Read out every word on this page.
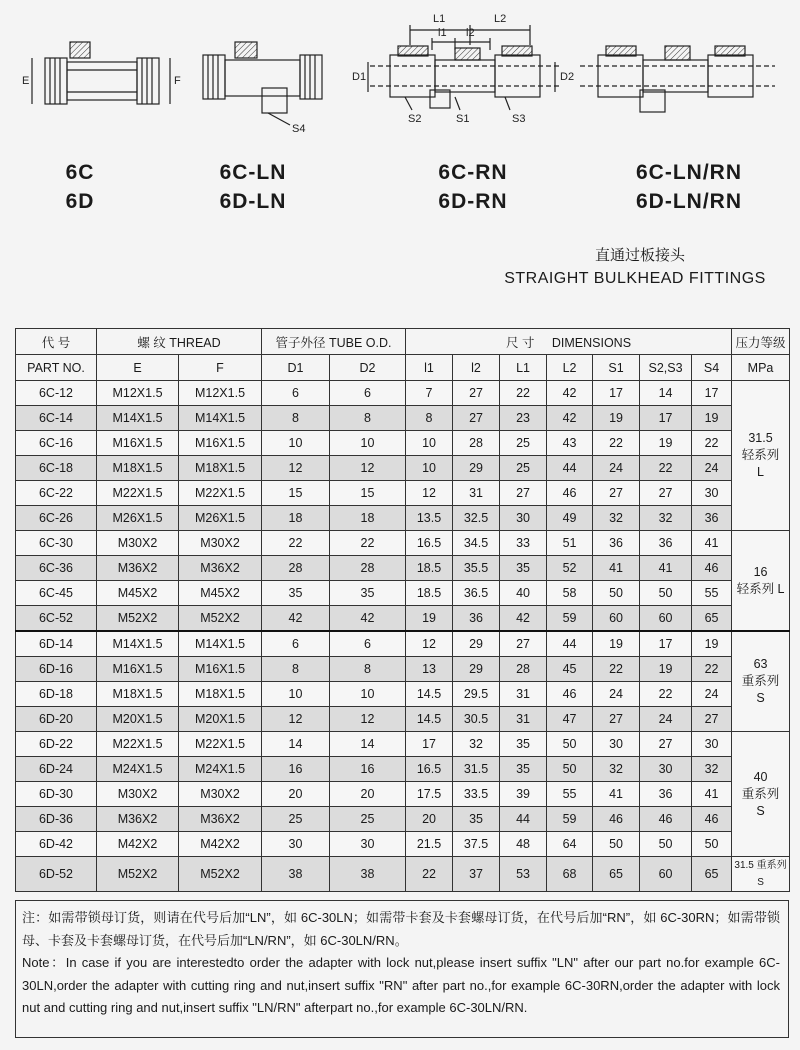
E	F
S4
L1	L2
l1 l2
D1	D2
S2	S1	S3
6C
6D
6C-LN
6D-LN
6C-RN
6D-RN
6C-LN/RN
6D-LN/RN
直通过板接头
STRAIGHT BULKHEAD FITTINGS
代 号	螺 纹 THREAD		管子外径 TUBE O.D.		尺 寸     DIMENSIONS							压力等级
PART NO.	E	F	D1	D2	l1	l2	L1	L2	S1	S2,S3	S4	MPa
6C-12	M12X1.5	M12X1.5	6	6	7	27	22	42	17	14	17	31.5
轻系列
L

6C-14	M14X1.5	M14X1.5	8	8	8	27	23	42	19	17	19	
6C-16	M16X1.5	M16X1.5	10	10	10	28	25	43	22	19	22	
6C-18	M18X1.5	M18X1.5	12	12	10	29	25	44	24	22	24	
6C-22	M22X1.5	M22X1.5	15	15	12	31	27	46	27	27	30	
6C-26	M26X1.5	M26X1.5	18	18	13.5	32.5	30	49	32	32	36	
6C-30	M30X2	M30X2	22	22	16.5	34.5	33	51	36	36	41	16
轻系列 L

6C-36	M36X2	M36X2	28	28	18.5	35.5	35	52	41	41	46	
6C-45	M45X2	M45X2	35	35	18.5	36.5	40	58	50	50	55	
6C-52	M52X2	M52X2	42	42	19	36	42	59	60	60	65	
6D-14	M14X1.5	M14X1.5	6	6	12	29	27	44	19	17	19	63
重系列
S

6D-16	M16X1.5	M16X1.5	8	8	13	29	28	45	22	19	22	
6D-18	M18X1.5	M18X1.5	10	10	14.5	29.5	31	46	24	22	24	
6D-20	M20X1.5	M20X1.5	12	12	14.5	30.5	31	47	27	24	27	
6D-22	M22X1.5	M22X1.5	14	14	17	32	35	50	30	27	30	40
重系列
S

6D-24	M24X1.5	M24X1.5	16	16	16.5	31.5	35	50	32	30	32	
6D-30	M30X2	M30X2	20	20	17.5	33.5	39	55	41	36	41	
6D-36	M36X2	M36X2	25	25	20	35	44	59	46	46	46	
6D-42	M42X2	M42X2	30	30	21.5	37.5	48	64	50	50	50	
6D-52	M52X2	M52X2	38	38	22	37	53	68	65	60	65	31.5 重系列 S

注：如需带锁母订货，则请在代号后加“LN”，如 6C-30LN；如需带卡套及卡套螺母订货，在代号后加“RN”，如 6C-30RN；如需带锁母、卡套及卡套螺母订货，在代号后加“LN/RN”，如 6C-30LN/RN。

Note：In case if you are interestedto order the adapter with lock nut,please insert suffix "LN" after our part no.for example 6C-30LN,order the adapter with cutting ring and nut,insert suffix "RN" after part no.,for example 6C-30RN,order the adapter with lock nut and cutting ring and nut,insert suffix "LN/RN" afterpart no.,for example 6C-30LN/RN.
